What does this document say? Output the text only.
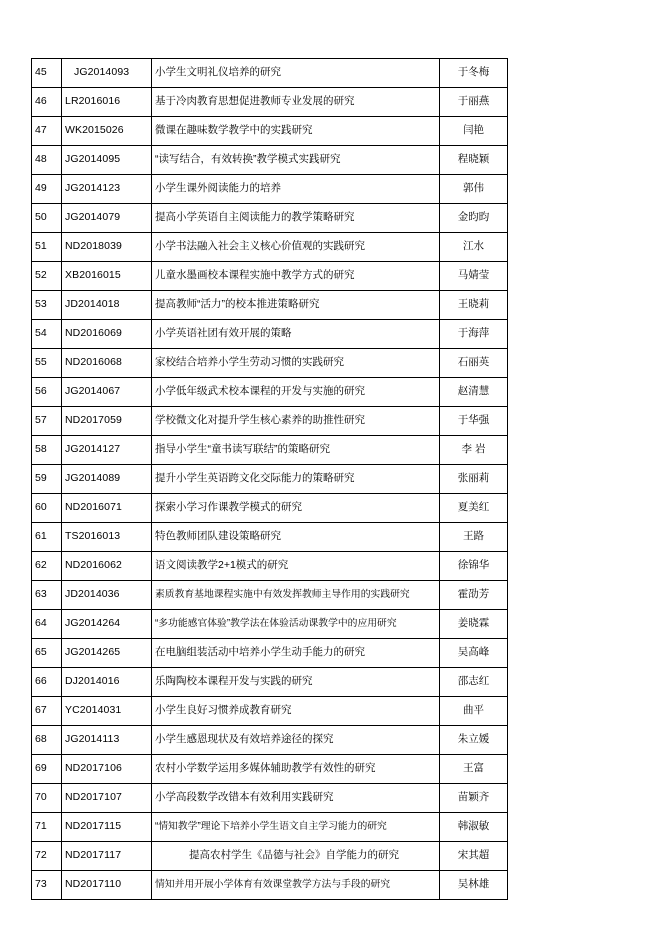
45	JG2014093	小学生文明礼仪培养的研究	于冬梅
46	LR2016016	基于冷肉教育思想促进教师专业发展的研究	于丽燕
47	WK2015026	微课在趣味数学教学中的实践研究	闫艳
48	JG2014095	“读写结合，有效转换”教学模式实践研究	程晓颖
49	JG2014123	小学生课外阅读能力的培养	郭伟
50	JG2014079	提高小学英语自主阅读能力的教学策略研究	金昀昀
51	ND2018039	小学书法融入社会主义核心价值观的实践研究	江水
52	XB2016015	儿童水墨画校本课程实施中教学方式的研究	马婧莹
53	JD2014018	提高教师“活力”的校本推进策略研究	王晓莉
54	ND2016069	小学英语社团有效开展的策略	于海萍
55	ND2016068	家校结合培养小学生劳动习惯的实践研究	石丽英
56	JG2014067	小学低年级武术校本课程的开发与实施的研究	赵清慧
57	ND2017059	学校微文化对提升学生核心素养的助推性研究	于华强
58	JG2014127	指导小学生“童书读写联结”的策略研究	李 岩
59	JG2014089	提升小学生英语跨文化交际能力的策略研究	张丽莉
60	ND2016071	探索小学习作课教学模式的研究	夏美红
61	TS2016013	特色教师团队建设策略研究	王路
62	ND2016062	语文阅读教学2+1模式的研究	徐锦华
63	JD2014036	素质教育基地课程实施中有效发挥教师主导作用的实践研究	霍劭芳
64	JG2014264	“多功能感官体验”教学法在体验活动课教学中的应用研究	姜晓霖
65	JG2014265	在电脑组装活动中培养小学生动手能力的研究	吴高峰
66	DJ2014016	乐陶陶校本课程开发与实践的研究	邵志红
67	YC2014031	小学生良好习惯养成教育研究	曲平
68	JG2014113	小学生感恩现状及有效培养途径的探究	朱立媛
69	ND2017106	农村小学数学运用多媒体辅助教学有效性的研究	王富
70	ND2017107	小学高段数学改错本有效利用实践研究	苗颖齐
71	ND2017115	“情知教学”理论下培养小学生语文自主学习能力的研究	韩淑敏
72	ND2017117	提高农村学生《品德与社会》自学能力的研究	宋其超
73	ND2017110	情知并用开展小学体育有效课堂教学方法与手段的研究	吴林雄
